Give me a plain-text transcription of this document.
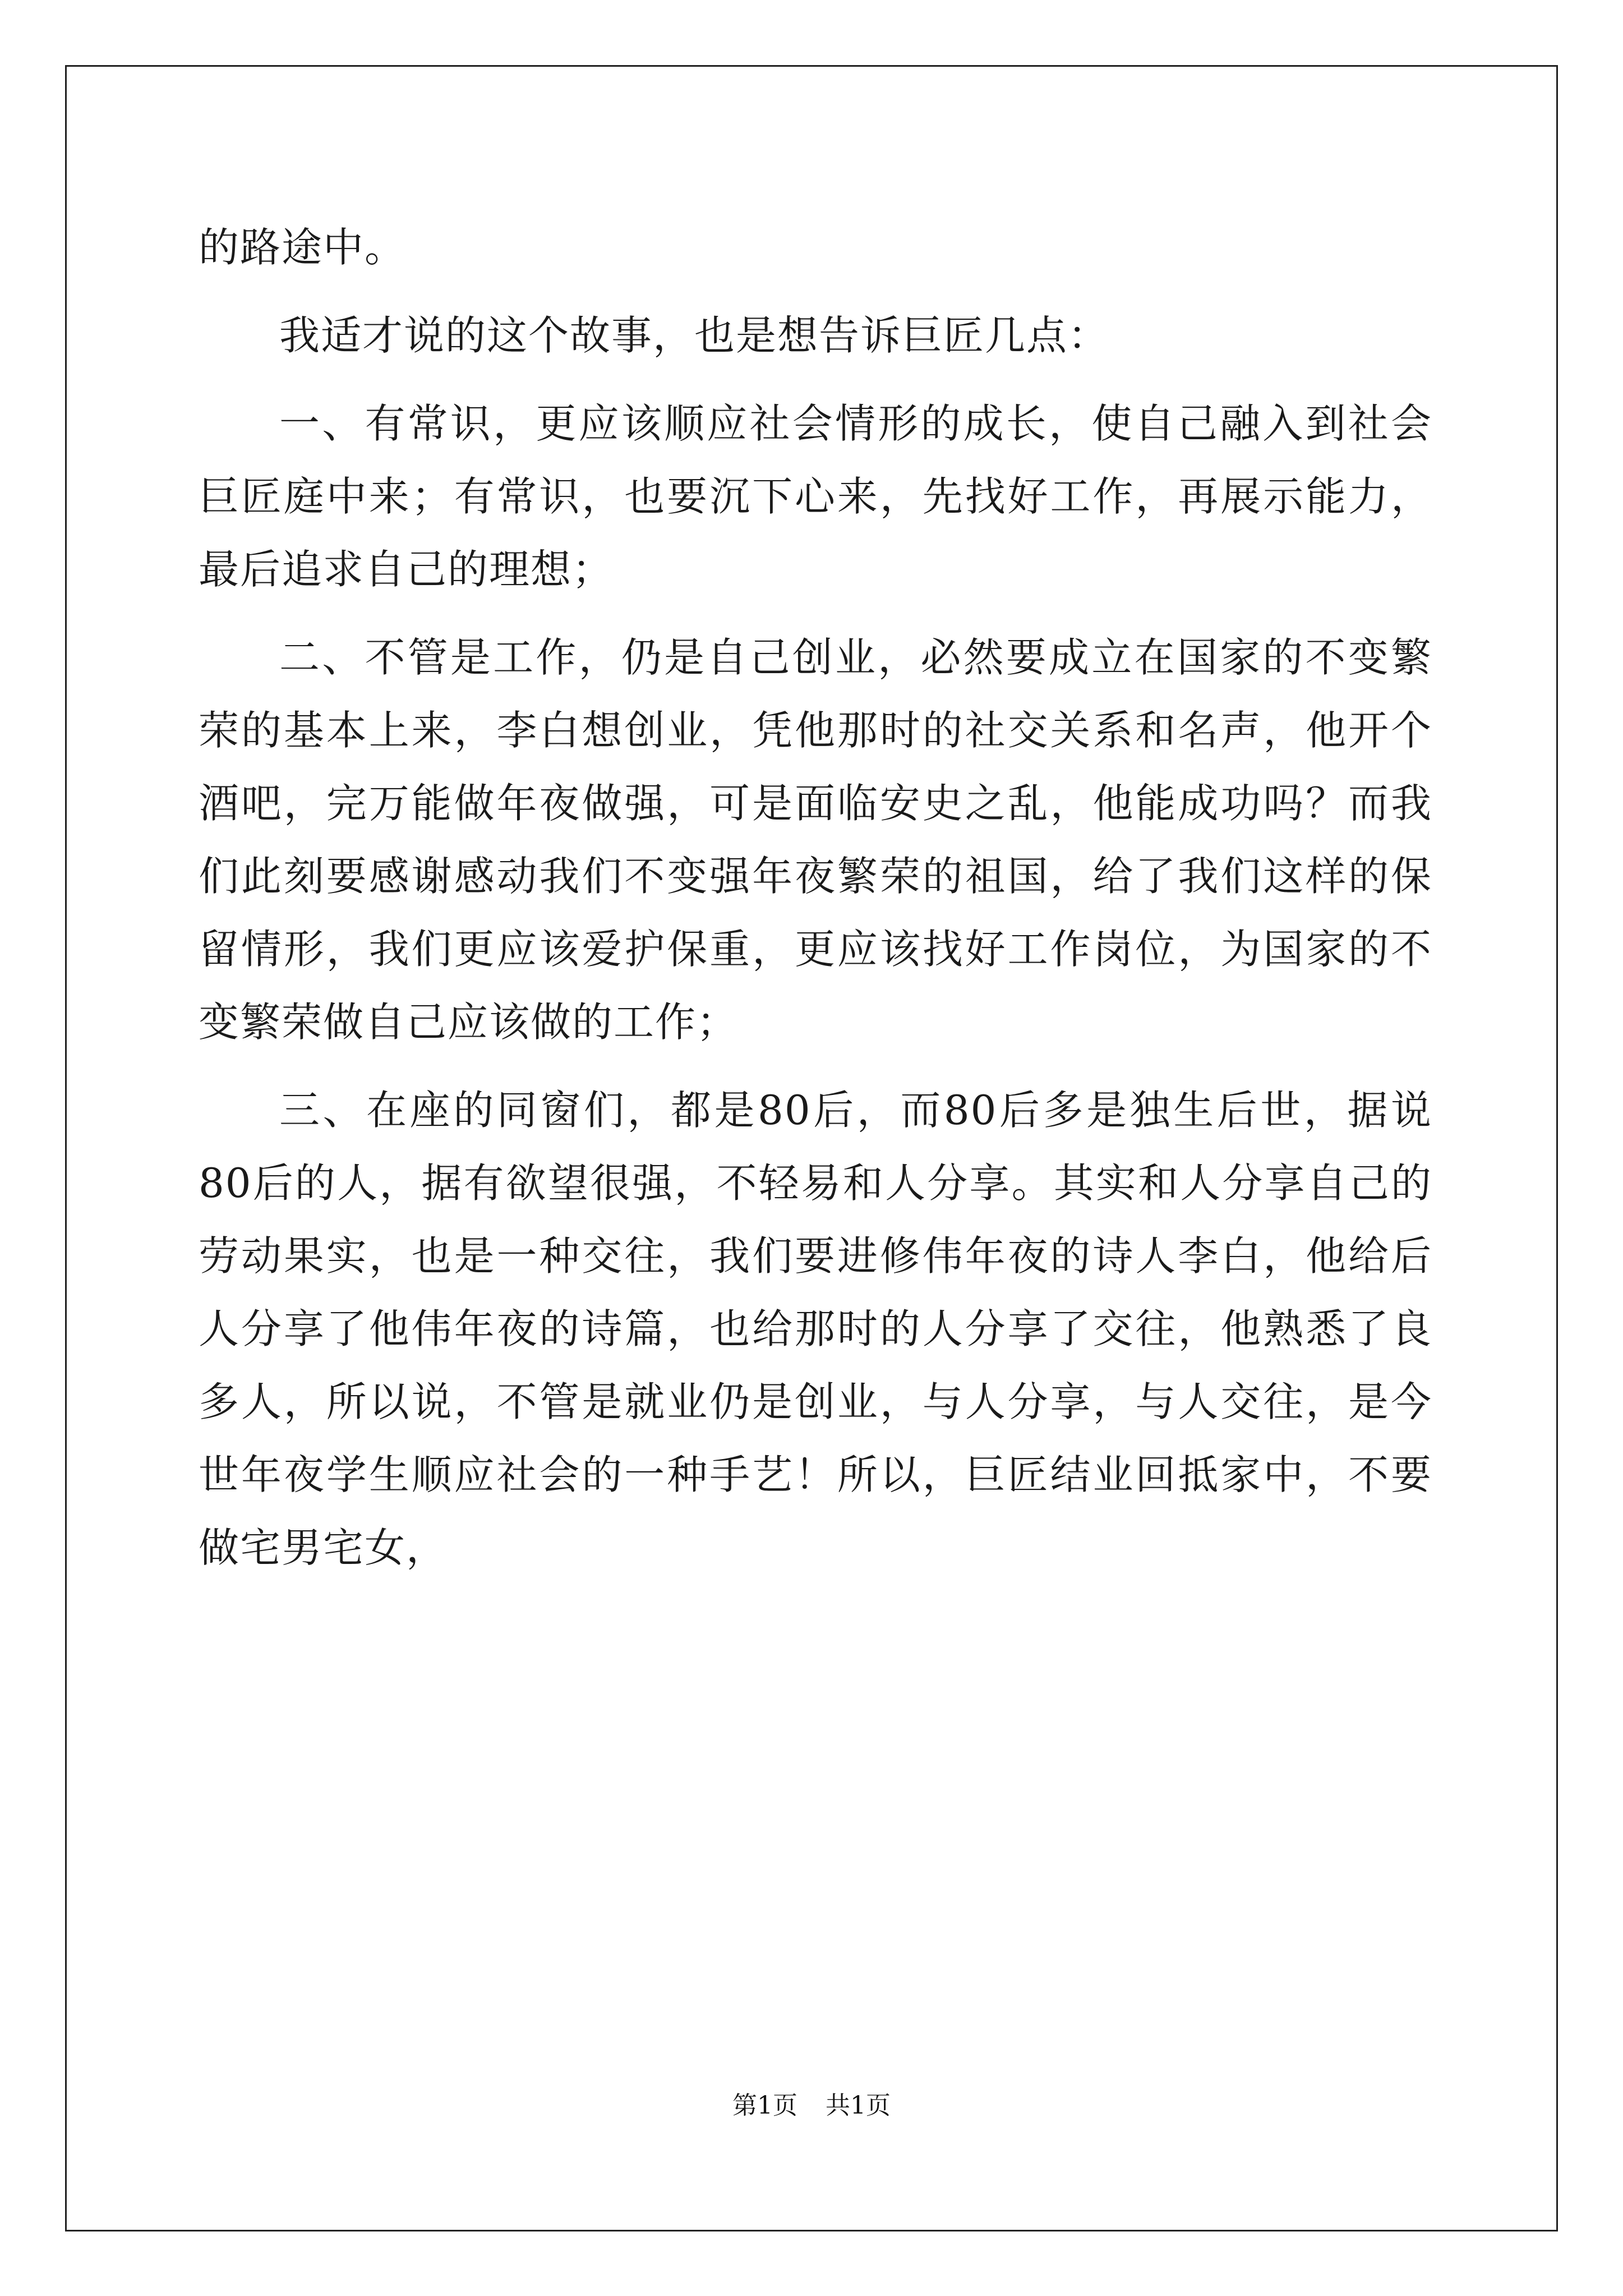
的路途中。

我适才说的这个故事，也是想告诉巨匠几点：

一、有常识，更应该顺应社会情形的成长，使自己融入到社会巨匠庭中来；有常识，也要沉下心来，先找好工作，再展示能力，最后追求自己的理想；

二、不管是工作，仍是自己创业，必然要成立在国家的不变繁荣的基本上来，李白想创业，凭他那时的社交关系和名声，他开个酒吧，完万能做年夜做强，可是面临安史之乱，他能成功吗？而我们此刻要感谢感动我们不变强年夜繁荣的祖国，给了我们这样的保留情形，我们更应该爱护保重，更应该找好工作岗位，为国家的不变繁荣做自己应该做的工作；

三、在座的同窗们，都是80后，而80后多是独生后世，据说80后的人，据有欲望很强，不轻易和人分享。其实和人分享自己的劳动果实，也是一种交往，我们要进修伟年夜的诗人李白，他给后人分享了他伟年夜的诗篇，也给那时的人分享了交往，他熟悉了良多人，所以说，不管是就业仍是创业，与人分享，与人交往，是今世年夜学生顺应社会的一种手艺！所以，巨匠结业回抵家中，不要做宅男宅女，

第1页 共1页
